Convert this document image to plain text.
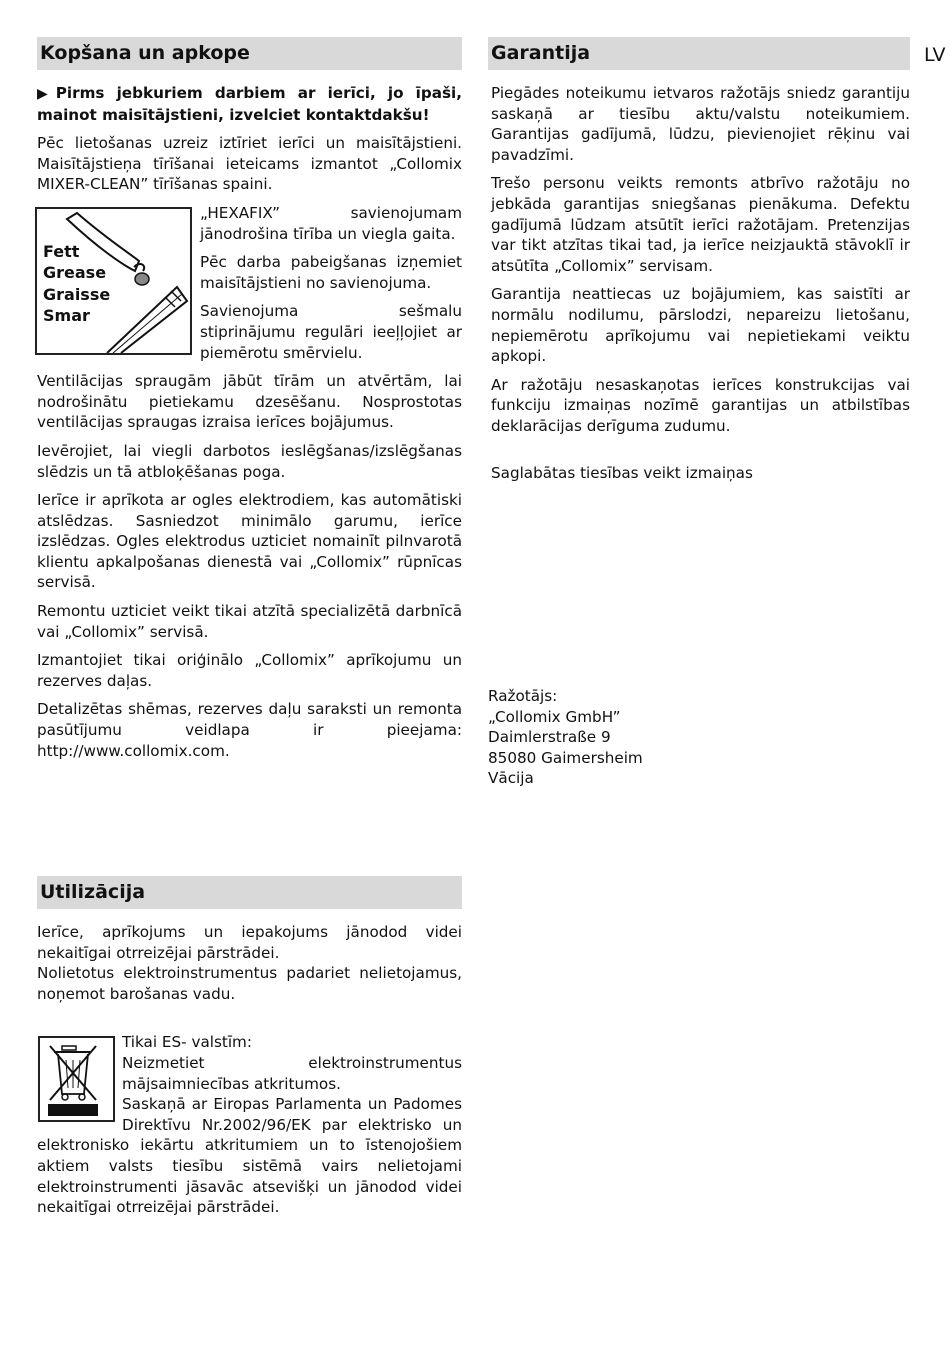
LV
Kopšana un apkope

▶ Pirms jebkuriem darbiem ar ierīci, jo īpaši, mainot maisītājstieni, izvelciet kontaktdakšu!

Pēc lietošanas uzreiz iztīriet ierīci un maisītājstieni. Maisītājstieņa tīrīšanai ieteicams izmantot „Collomix MIXER-CLEAN” tīrīšanas spaini.

Fett
Grease
Graisse
Smar

„HEXAFIX” savienojumam jānodrošina tīrība un viegla gaita.

Pēc darba pabeigšanas izņemiet maisītājstieni no savienojuma.

Savienojuma sešmalu stiprinājumu regulāri ieeļļojiet ar piemērotu smērvielu.

Ventilācijas spraugām jābūt tīrām un atvērtām, lai nodrošinātu pietiekamu dzesēšanu. Nosprostotas ventilācijas spraugas izraisa ierīces bojājumus.

Ievērojiet, lai viegli darbotos ieslēgšanas/izslēgšanas slēdzis un tā atbloķēšanas poga.

Ierīce ir aprīkota ar ogles elektrodiem, kas automātiski atslēdzas. Sasniedzot minimālo garumu, ierīce izslēdzas. Ogles elektrodus uzticiet nomainīt pilnvarotā klientu apkalpošanas dienestā vai „Collomix” rūpnīcas servisā.

Remontu uzticiet veikt tikai atzītā specializētā darbnīcā vai „Collomix” servisā.

Izmantojiet tikai oriģinālo „Collomix” aprīkojumu un rezerves daļas.

Detalizētas shēmas, rezerves daļu saraksti un remonta pasūtījumu veidlapa ir pieejama: http://www.collomix.com.

Garantija

Piegādes noteikumu ietvaros ražotājs sniedz garantiju saskaņā ar tiesību aktu/valstu noteikumiem. Garantijas gadījumā, lūdzu, pievienojiet rēķinu vai pavadzīmi.

Trešo personu veikts remonts atbrīvo ražotāju no jebkāda garantijas sniegšanas pienākuma. Defektu gadījumā lūdzam atsūtīt ierīci ražotājam. Pretenzijas var tikt atzītas tikai tad, ja ierīce neizjauktā stāvoklī ir atsūtīta „Collomix” servisam.

Garantija neattiecas uz bojājumiem, kas saistīti ar normālu nodilumu, pārslodzi, nepareizu lietošanu, nepiemērotu aprīkojumu vai nepietiekami veiktu apkopi.

Ar ražotāju nesaskaņotas ierīces konstrukcijas vai funkciju izmaiņas nozīmē garantijas un atbilstības deklarācijas derīguma zudumu.

Saglabātas tiesības veikt izmaiņas

Ražotājs:
„Collomix GmbH”
Daimlerstraße 9
85080 Gaimersheim
Vācija
Utilizācija

Ierīce, aprīkojums un iepakojums jānodod videi nekaitīgai otrreizējai pārstrādei.

Nolietotus elektroinstrumentus padariet nelietojamus, noņemot barošanas vadu.

Tikai ES- valstīm:

Neizmetiet elektroinstrumentus mājsaimniecības atkritumos.

Saskaņā ar Eiropas Parlamenta un Padomes Direktīvu Nr.2002/96/EK par elektrisko un elektronisko iekārtu atkritumiem un to īstenojošiem aktiem valsts tiesību sistēmā vairs nelietojami elektroinstrumenti jāsavāc atsevišķi un jānodod videi nekaitīgai otrreizējai pārstrādei.
